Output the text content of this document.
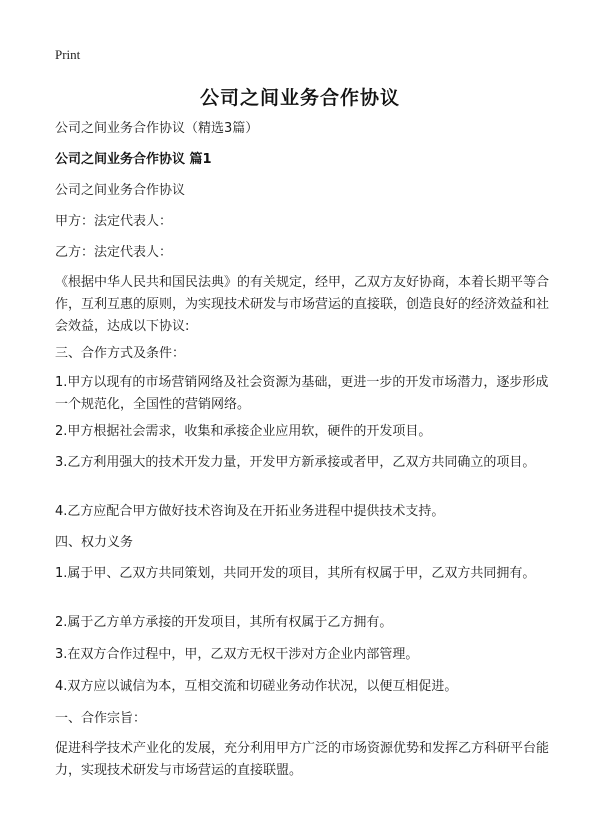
Print
公司之间业务合作协议

公司之间业务合作协议（精选3篇）

公司之间业务合作协议 篇1

公司之间业务合作协议

甲方：法定代表人：

乙方：法定代表人：

《根据中华人民共和国民法典》的有关规定，经甲，乙双方友好协商，本着长期平等合作，互利互惠的原则，为实现技术研发与市场营运的直接联，创造良好的经济效益和社会效益，达成以下协议:

三、合作方式及条件：

1.甲方以现有的市场营销网络及社会资源为基础，更进一步的开发市场潜力，逐步形成一个规范化，全国性的营销网络。

2.甲方根据社会需求，收集和承接企业应用软，硬件的开发项目。

3.乙方利用强大的技术开发力量，开发甲方新承接或者甲，乙双方共同确立的项目。

4.乙方应配合甲方做好技术咨询及在开拓业务进程中提供技术支持。

四、权力义务

1.属于甲、乙双方共同策划，共同开发的项目，其所有权属于甲，乙双方共同拥有。

2.属于乙方单方承接的开发项目，其所有权属于乙方拥有。

3.在双方合作过程中，甲，乙双方无权干涉对方企业内部管理。

4.双方应以诚信为本，互相交流和切磋业务动作状况，以便互相促进。

一、合作宗旨：

促进科学技术产业化的发展，充分利用甲方广泛的市场资源优势和发挥乙方科研平台能力，实现技术研发与市场营运的直接联盟。
